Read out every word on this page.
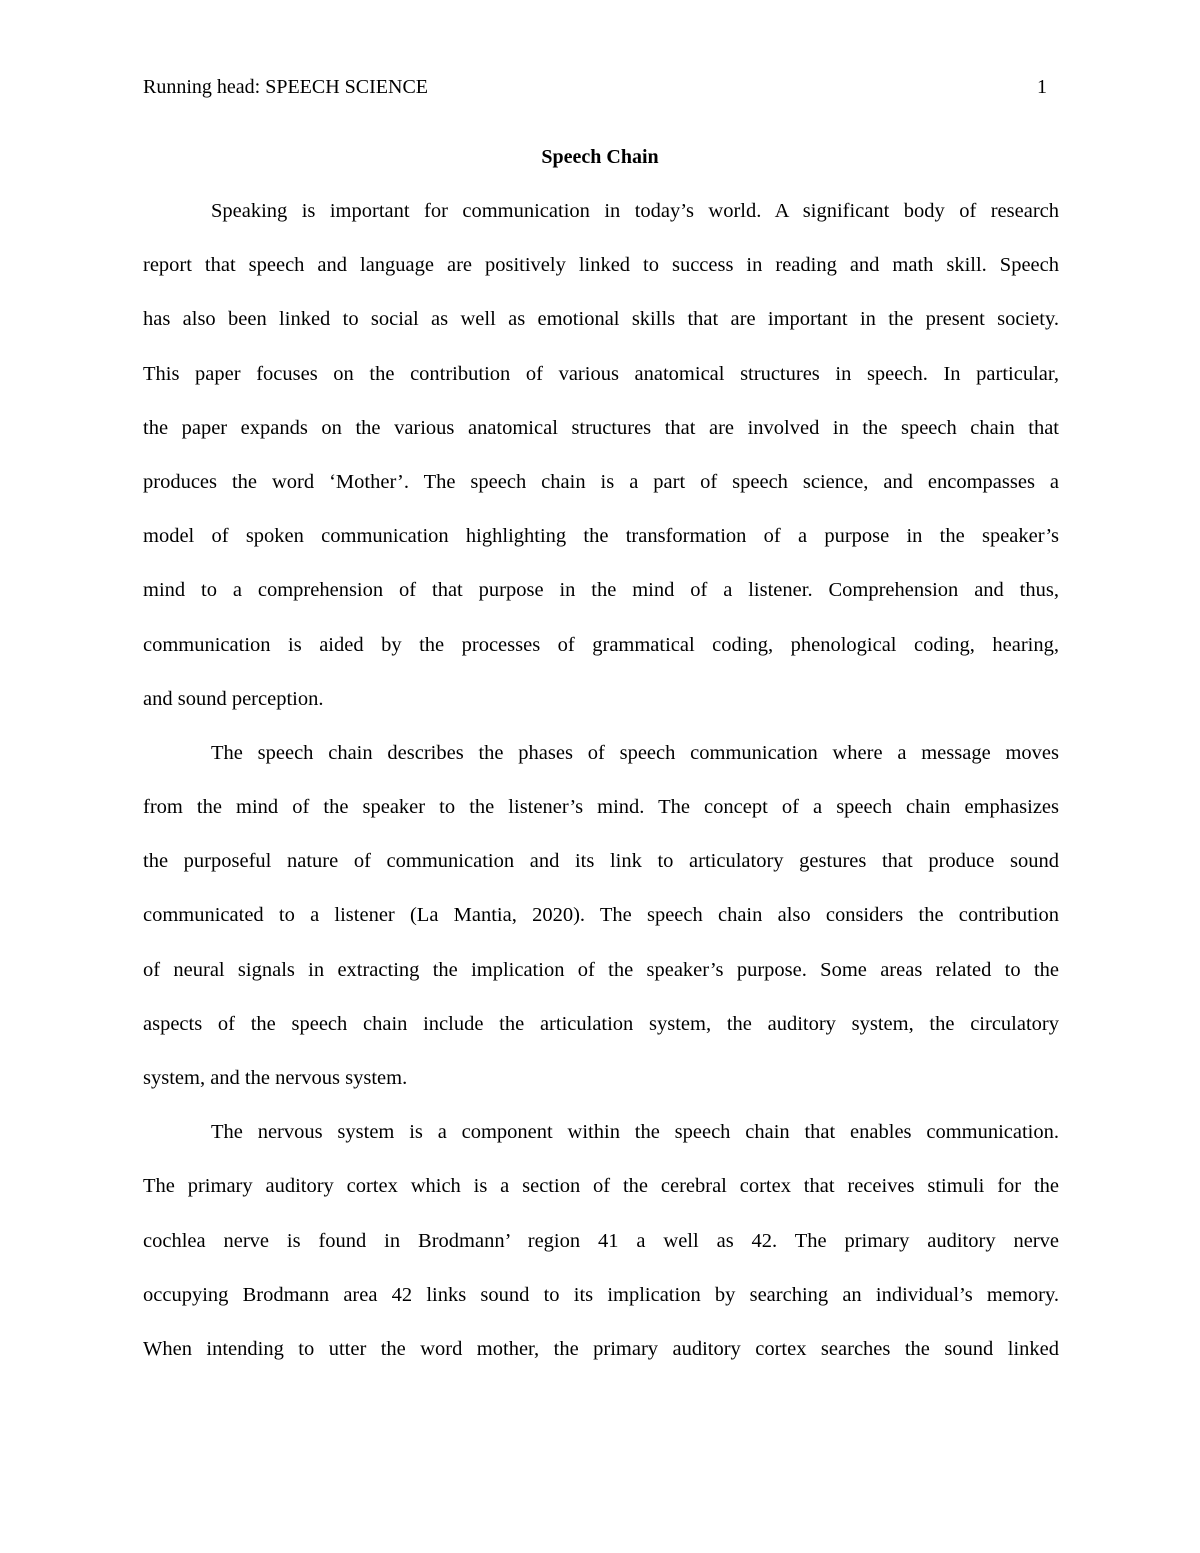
Running head: SPEECH SCIENCE	1
Speech Chain
Speaking is important for communication in today’s world. A significant body of research
report that speech and language are positively linked to success in reading and math skill. Speech
has also been linked to social as well as emotional skills that are important in the present society.
This paper focuses on the contribution of various anatomical structures in speech. In particular,
the paper expands on the various anatomical structures that are involved in the speech chain that
produces the word ‘Mother’. The speech chain is a part of speech science, and encompasses a
model of spoken communication highlighting the transformation of a purpose in the speaker’s
mind to a comprehension of that purpose in the mind of a listener. Comprehension and thus,
communication is aided by the processes of grammatical coding, phenological coding, hearing,
and sound perception.
The speech chain describes the phases of speech communication where a message moves
from the mind of the speaker to the listener’s mind. The concept of a speech chain emphasizes
the purposeful nature of communication and its link to articulatory gestures that produce sound
communicated to a listener (La Mantia, 2020). The speech chain also considers the contribution
of neural signals in extracting the implication of the speaker’s purpose. Some areas related to the
aspects of the speech chain include the articulation system, the auditory system, the circulatory
system, and the nervous system.
The nervous system is a component within the speech chain that enables communication.
The primary auditory cortex which is a section of the cerebral cortex that receives stimuli for the
cochlea nerve is found in Brodmann’ region 41 a well as 42. The primary auditory nerve
occupying Brodmann area 42 links sound to its implication by searching an individual’s memory.
When intending to utter the word mother, the primary auditory cortex searches the sound linked
